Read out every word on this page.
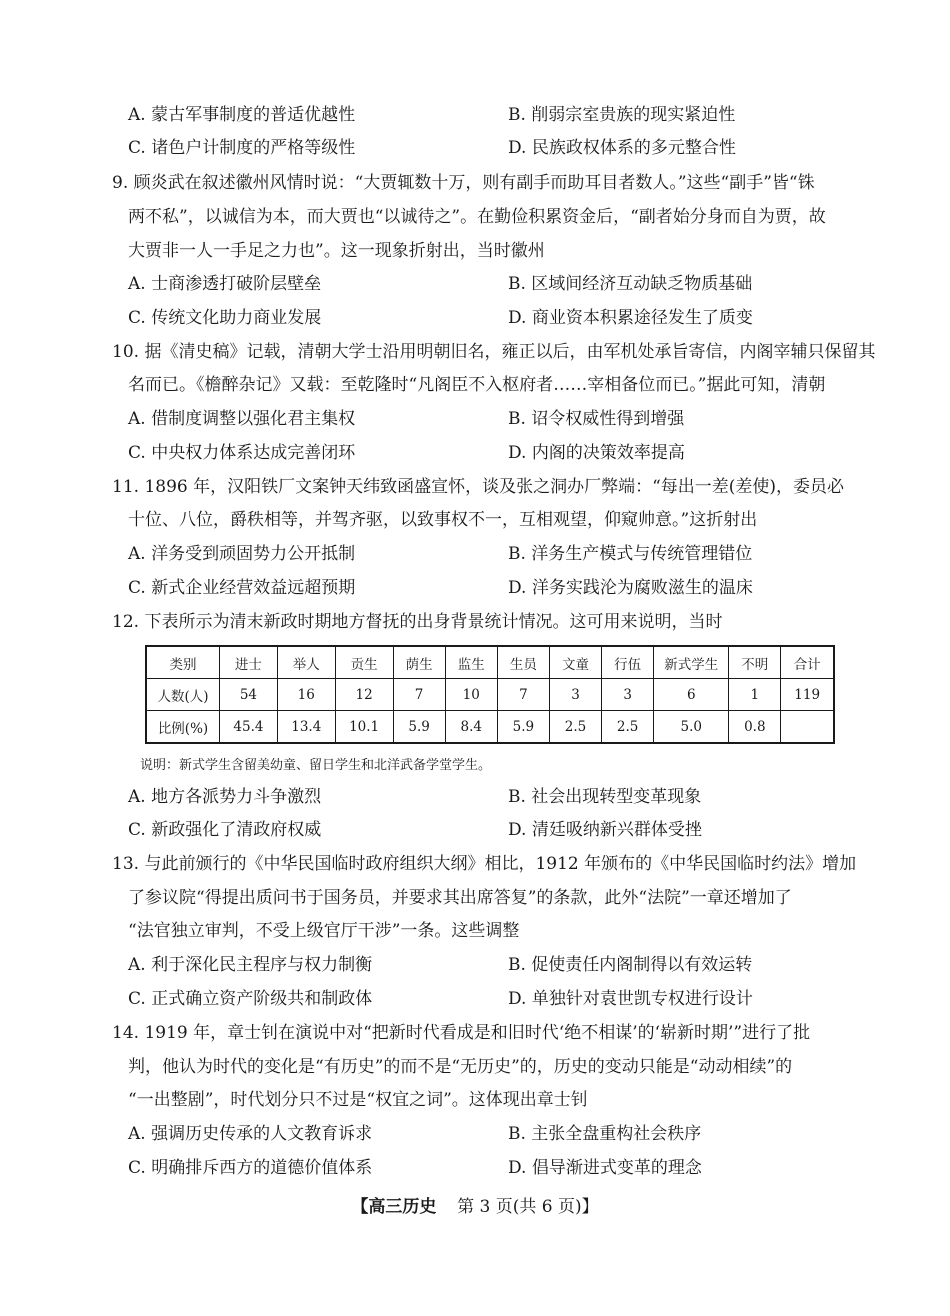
A. 蒙古军事制度的普适优越性	B. 削弱宗室贵族的现实紧迫性
C. 诸色户计制度的严格等级性	D. 民族政权体系的多元整合性
9. 顾炎武在叙述徽州风情时说：“大贾辄数十万，则有副手而助耳目者数人。”这些“副手”皆“铢
两不私”，以诚信为本，而大贾也“以诚待之”。在勤俭积累资金后，“副者始分身而自为贾，故
大贾非一人一手足之力也”。这一现象折射出，当时徽州
A. 士商渗透打破阶层壁垒	B. 区域间经济互动缺乏物质基础
C. 传统文化助力商业发展	D. 商业资本积累途径发生了质变
10. 据《清史稿》记载，清朝大学士沿用明朝旧名，雍正以后，由军机处承旨寄信，内阁宰辅只保留其
名而已。《檐醉杂记》又载：至乾隆时“凡阁臣不入枢府者……宰相备位而已。”据此可知，清朝
A. 借制度调整以强化君主集权	B. 诏令权威性得到增强
C. 中央权力体系达成完善闭环	D. 内阁的决策效率提高
11. 1896 年，汉阳铁厂文案钟天纬致函盛宣怀，谈及张之洞办厂弊端：“每出一差(差使)，委员必
十位、八位，爵秩相等，并驾齐驱，以致事权不一，互相观望，仰窥帅意。”这折射出
A. 洋务受到顽固势力公开抵制	B. 洋务生产模式与传统管理错位
C. 新式企业经营效益远超预期	D. 洋务实践沦为腐败滋生的温床
12. 下表所示为清末新政时期地方督抚的出身背景统计情况。这可用来说明，当时
类别	进士	举人	贡生	荫生	监生	生员	文童	行伍	新式学生	不明	合计
人数(人)	54	16	12	7	10	7	3	3	6	1	119
比例(%)	45.4	13.4	10.1	5.9	8.4	5.9	2.5	2.5	5.0	0.8	
说明：新式学生含留美幼童、留日学生和北洋武备学堂学生。
A. 地方各派势力斗争激烈	B. 社会出现转型变革现象
C. 新政强化了清政府权威	D. 清廷吸纳新兴群体受挫
13. 与此前颁行的《中华民国临时政府组织大纲》相比，1912 年颁布的《中华民国临时约法》增加
了参议院“得提出质问书于国务员，并要求其出席答复”的条款，此外“法院”一章还增加了
“法官独立审判，不受上级官厅干涉”一条。这些调整
A. 利于深化民主程序与权力制衡	B. 促使责任内阁制得以有效运转
C. 正式确立资产阶级共和制政体	D. 单独针对袁世凯专权进行设计
14. 1919 年，章士钊在演说中对“把新时代看成是和旧时代‘绝不相谋’的‘崭新时期’”进行了批
判，他认为时代的变化是“有历史”的而不是“无历史”的，历史的变动只能是“动动相续”的
“一出整剧”，时代划分只不过是“权宜之词”。这体现出章士钊
A. 强调历史传承的人文教育诉求	B. 主张全盘重构社会秩序
C. 明确排斥西方的道德价值体系	D. 倡导渐进式变革的理念
【高三历史 第 3 页(共 6 页)】
